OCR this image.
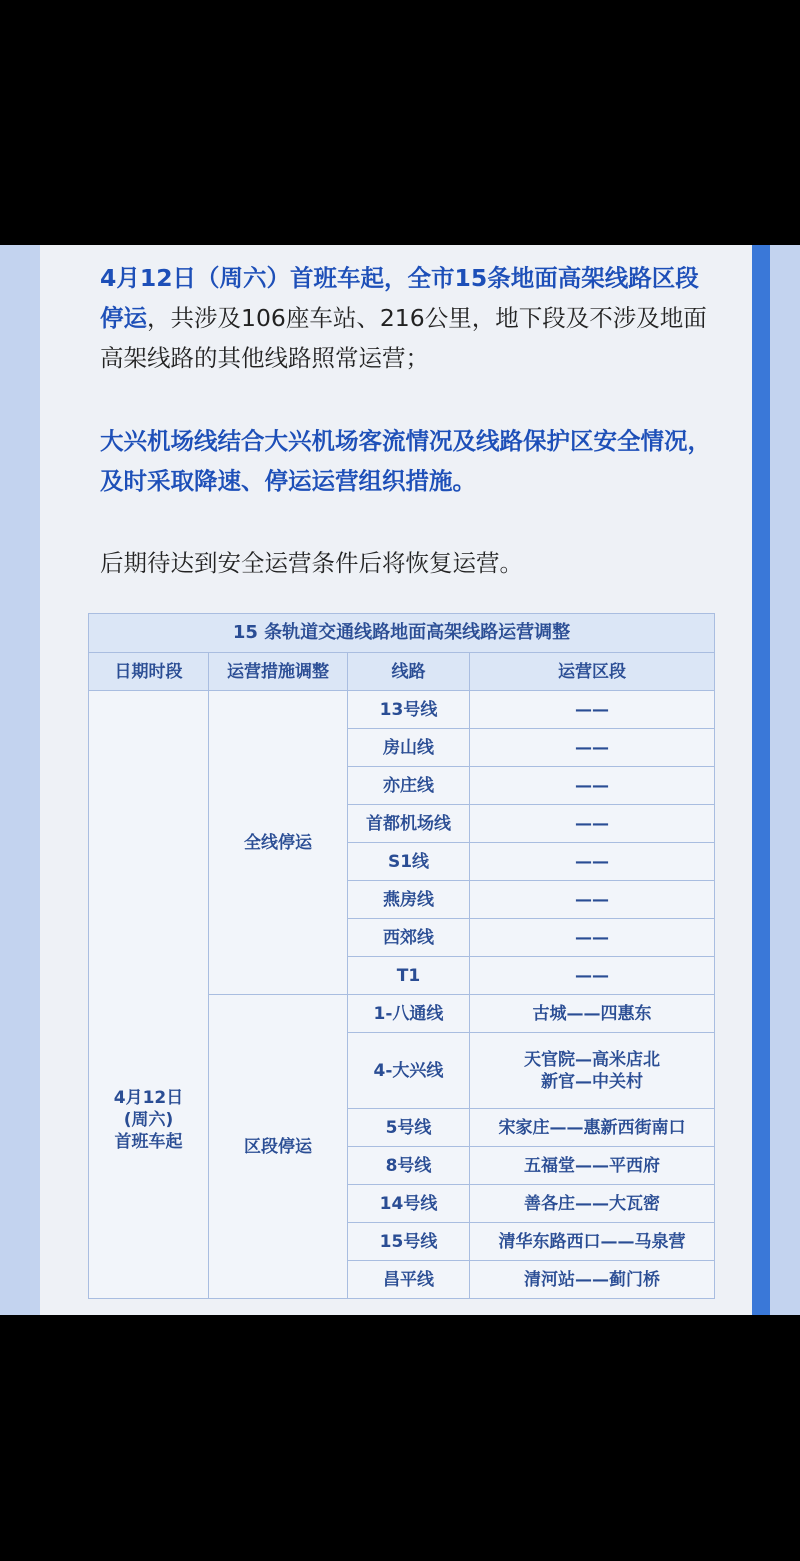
4月12日（周六）首班车起，全市15条地面高架线路区段停运，共涉及106座车站、216公里，地下段及不涉及地面高架线路的其他线路照常运营；

大兴机场线结合大兴机场客流情况及线路保护区安全情况，及时采取降速、停运运营组织措施。

后期待达到安全运营条件后将恢复运营。

15 条轨道交通线路地面高架线路运营调整			
日期时段	运营措施调整	线路	运营区段

4月12日
(周六)
首班车起	全线停运	13号线	——

		房山线	——

		亦庄线	——

		首都机场线	——

		S1线	——

		燕房线	——

		西郊线	——

		T1	——

	区段停运	1-八通线	古城——四惠东

		4-大兴线	天官院—高米店北
新官—中关村

		5号线	宋家庄——惠新西街南口

		8号线	五福堂——平西府

		14号线	善各庄——大瓦密

		15号线	清华东路西口——马泉营

		昌平线	清河站——蓟门桥
